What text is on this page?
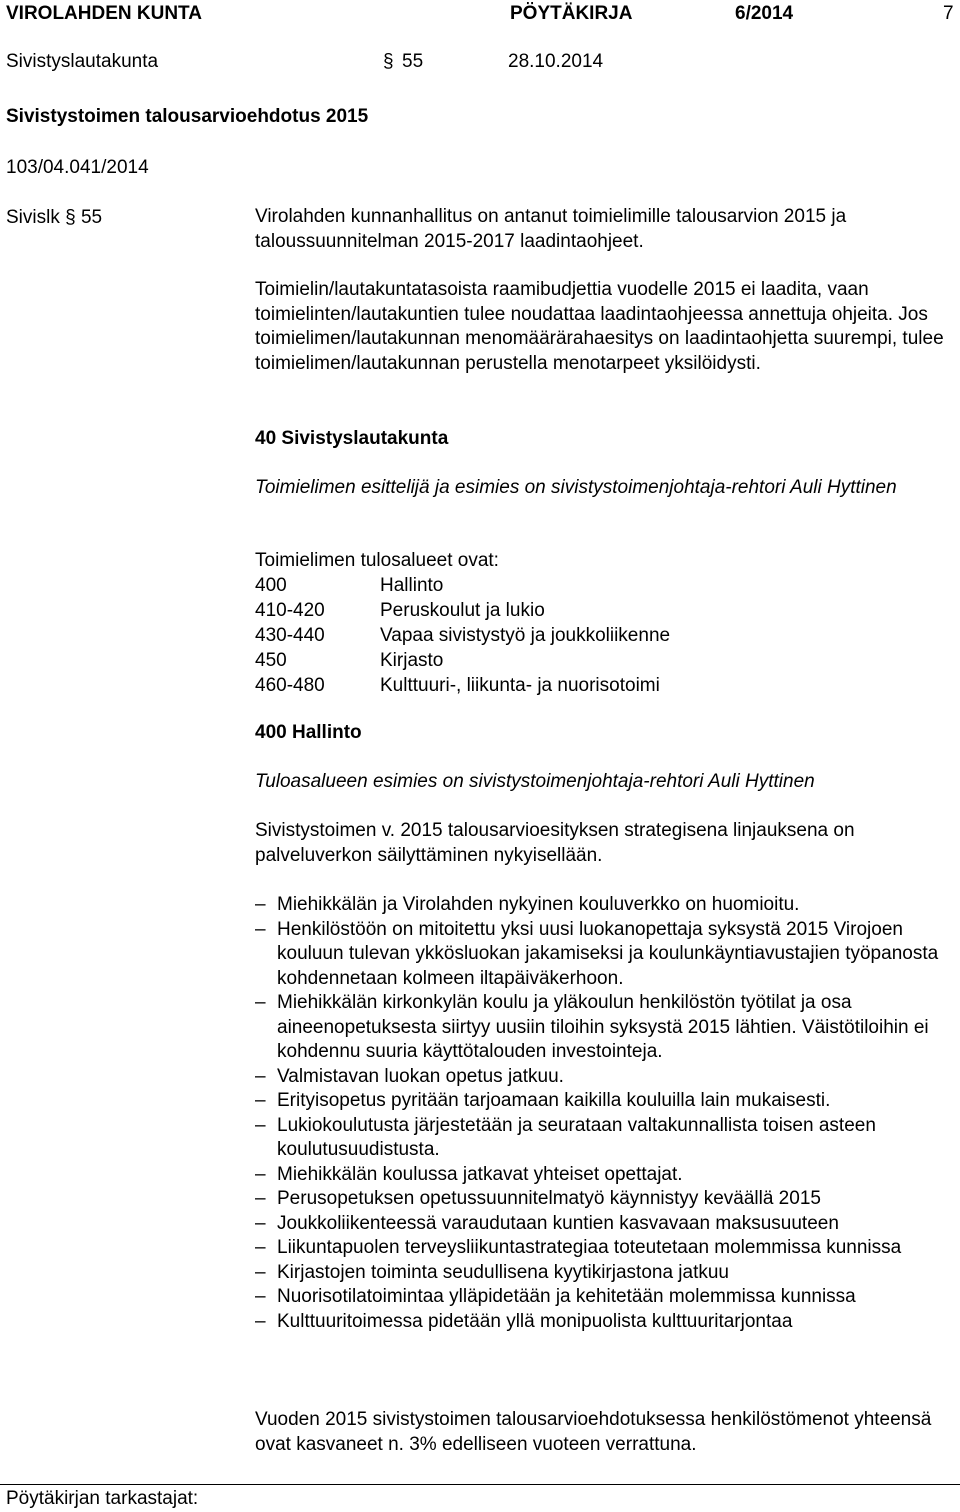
VIROLAHDEN KUNTA	PÖYTÄKIRJA	6/2014	7
Sivistyslautakunta	§ 55	28.10.2014
Sivistystoimen talousarvioehdotus 2015
103/04.041/2014
Sivislk § 55	Virolahden kunnanhallitus on antanut toimielimille talousarvion 2015 ja taloussuunnitelman 2015-2017 laadintaohjeet.
Toimielin/lautakuntatasoista raamibudjettia vuodelle 2015 ei laadita, vaan toimielinten/lautakuntien tulee noudattaa laadintaohjeessa annettuja ohjeita. Jos toimielimen/lautakunnan menomäärärahaesitys on laadintaohjetta suurempi, tulee toimielimen/lautakunnan perustella menotarpeet yksilöidysti.
40 Sivistyslautakunta
Toimielimen esittelijä ja esimies on sivistystoimenjohtaja-rehtori Auli Hyttinen
Toimielimen tulosalueet ovat:
400	Hallinto
410-420	Peruskoulut ja lukio
430-440	Vapaa sivistystyö ja joukkoliikenne
450	Kirjasto
460-480	Kulttuuri-, liikunta- ja nuorisotoimi
400 Hallinto
Tuloasalueen esimies on sivistystoimenjohtaja-rehtori Auli Hyttinen
Sivistystoimen v. 2015 talousarvioesityksen strategisena linjauksena on palveluverkon säilyttäminen nykyisellään.
– Miehikkälän ja Virolahden nykyinen kouluverkko on huomioitu.
– Henkilöstöön on mitoitettu yksi uusi luokanopettaja syksystä 2015 Virojoen kouluun tulevan ykkösluokan jakamiseksi ja koulunkäyntiavustajien työpanosta kohdennetaan kolmeen iltapäiväkerhoon.
– Miehikkälän kirkonkylän koulu ja yläkoulun henkilöstön työtilat ja osa aineenopetuksesta siirtyy uusiin tiloihin syksystä 2015 lähtien. Väistötiloihin ei kohdennu suuria käyttötalouden investointeja.
– Valmistavan luokan opetus jatkuu.
– Erityisopetus pyritään tarjoamaan kaikilla kouluilla lain mukaisesti.
– Lukiokoulutusta järjestetään ja seurataan valtakunnallista toisen asteen koulutusuudistusta.
– Miehikkälän koulussa jatkavat yhteiset opettajat.
– Perusopetuksen opetussuunnitelmatyö käynnistyy keväällä 2015
– Joukkoliikenteessä varaudutaan kuntien kasvavaan maksusuuteen
– Liikuntapuolen terveysliikuntastrategiaa toteutetaan molemmissa kunnissa
– Kirjastojen toiminta seudullisena kyytikirjastona jatkuu
– Nuorisotilatoimintaa ylläpidetään ja kehitetään molemmissa kunnissa
– Kulttuuritoimessa pidetään yllä monipuolista kulttuuritarjontaa
Vuoden 2015 sivistystoimen talousarvioehdotuksessa henkilöstömenot yhteensä ovat kasvaneet n. 3% edelliseen vuoteen verrattuna.
Pöytäkirjan tarkastajat:
